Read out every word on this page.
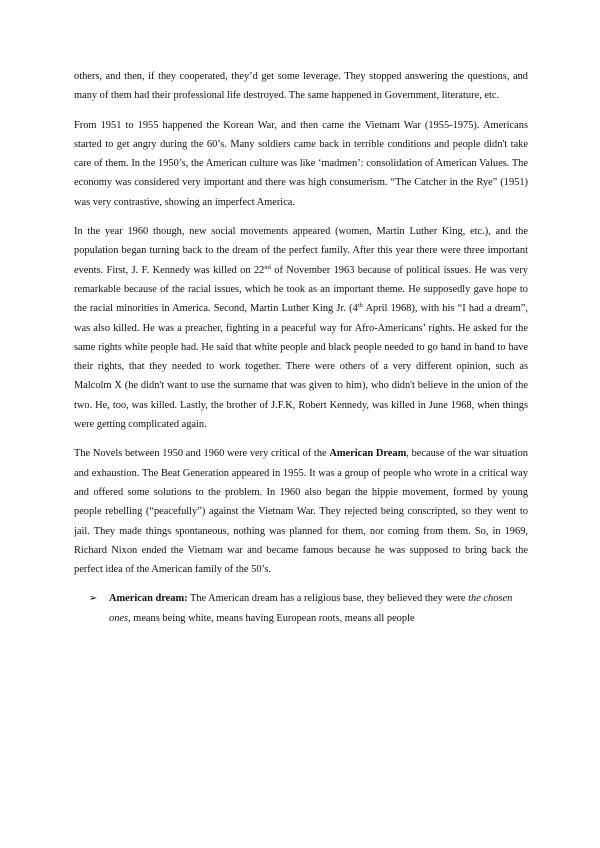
others, and then, if they cooperated, they’d get some leverage. They stopped answering the questions, and many of them had their professional life destroyed. The same happened in Government, literature, etc.

From 1951 to 1955 happened the Korean War, and then came the Vietnam War (1955-1975). Americans started to get angry during the 60’s. Many soldiers came back in terrible conditions and people didn't take care of them. In the 1950’s, the American culture was like ‘madmen’: consolidation of American Values. The economy was considered very important and there was high consumerism. “The Catcher in the Rye” (1951) was very contrastive, showing an imperfect America.

In the year 1960 though, new social movements appeared (women, Martin Luther King, etc.), and the population began turning back to the dream of the perfect family. After this year there were three important events. First, J. F. Kennedy was killed on 22nd of November 1963 because of political issues. He was very remarkable because of the racial issues, which he took as an important theme. He supposedly gave hope to the racial minorities in America. Second, Martin Luther King Jr. (4th April 1968), with his “I had a dream”, was also killed. He was a preacher, fighting in a peaceful way for Afro-Americans’ rights. He asked for the same rights white people had. He said that white people and black people needed to go hand in hand to have their rights, that they needed to work together. There were others of a very different opinion, such as Malcolm X (he didn't want to use the surname that was given to him), who didn't believe in the union of the two. He, too, was killed. Lastly, the brother of J.F.K, Robert Kennedy, was killed in June 1968, when things were getting complicated again.

The Novels between 1950 and 1960 were very critical of the American Dream, because of the war situation and exhaustion. The Beat Generation appeared in 1955. It was a group of people who wrote in a critical way and offered some solutions to the problem. In 1960 also began the hippie movement, formed by young people rebelling (“peacefully”) against the Vietnam War. They rejected being conscripted, so they went to jail. They made things spontaneous, nothing was planned for them, nor coming from them. So, in 1969, Richard Nixon ended the Vietnam war and became famous because he was supposed to bring back the perfect idea of the American family of the 50’s.

➢ American dream: The American dream has a religious base, they believed they were the chosen ones, means being white, means having European roots, means all people
